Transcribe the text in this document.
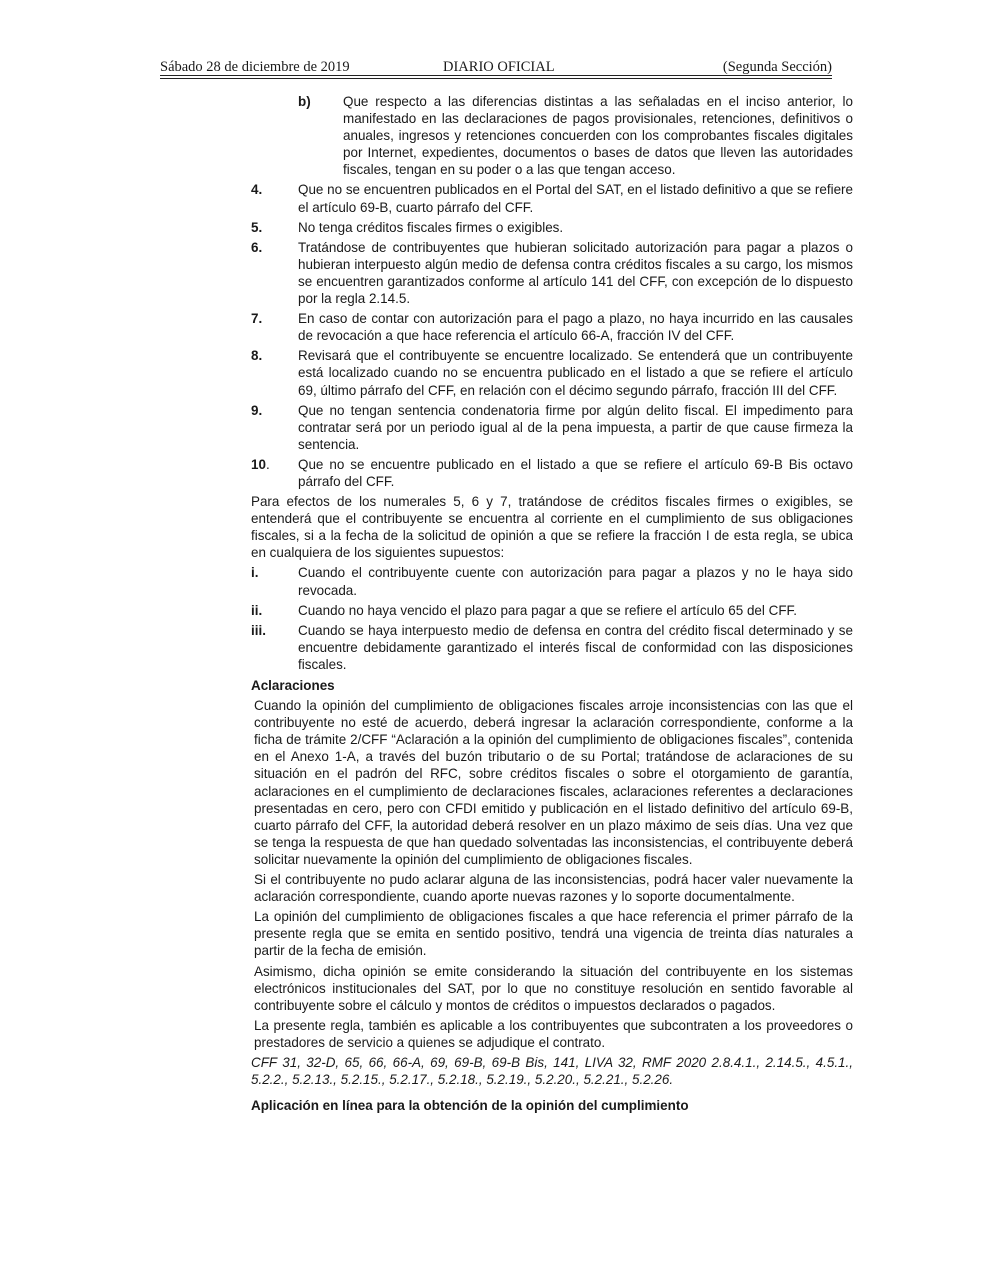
Sábado 28 de diciembre de 2019	DIARIO OFICIAL	(Segunda Sección)
b)	Que respecto a las diferencias distintas a las señaladas en el inciso anterior, lo manifestado en las declaraciones de pagos provisionales, retenciones, definitivos o anuales, ingresos y retenciones concuerden con los comprobantes fiscales digitales por Internet, expedientes, documentos o bases de datos que lleven las autoridades fiscales, tengan en su poder o a las que tengan acceso.
4.	Que no se encuentren publicados en el Portal del SAT, en el listado definitivo a que se refiere el artículo 69-B, cuarto párrafo del CFF.
5.	No tenga créditos fiscales firmes o exigibles.
6.	Tratándose de contribuyentes que hubieran solicitado autorización para pagar a plazos o hubieran interpuesto algún medio de defensa contra créditos fiscales a su cargo, los mismos se encuentren garantizados conforme al artículo 141 del CFF, con excepción de lo dispuesto por la regla 2.14.5.
7.	En caso de contar con autorización para el pago a plazo, no haya incurrido en las causales de revocación a que hace referencia el artículo 66-A, fracción IV del CFF.
8.	Revisará que el contribuyente se encuentre localizado. Se entenderá que un contribuyente está localizado cuando no se encuentra publicado en el listado a que se refiere el artículo 69, último párrafo del CFF, en relación con el décimo segundo párrafo, fracción III del CFF.
9.	Que no tengan sentencia condenatoria firme por algún delito fiscal. El impedimento para contratar será por un periodo igual al de la pena impuesta, a partir de que cause firmeza la sentencia.
10.	Que no se encuentre publicado en el listado a que se refiere el artículo 69-B Bis octavo párrafo del CFF.

Para efectos de los numerales 5, 6 y 7, tratándose de créditos fiscales firmes o exigibles, se entenderá que el contribuyente se encuentra al corriente en el cumplimiento de sus obligaciones fiscales, si a la fecha de la solicitud de opinión a que se refiere la fracción I de esta regla, se ubica en cualquiera de los siguientes supuestos:

i.	Cuando el contribuyente cuente con autorización para pagar a plazos y no le haya sido revocada.
ii.	Cuando no haya vencido el plazo para pagar a que se refiere el artículo 65 del CFF.
iii.	Cuando se haya interpuesto medio de defensa en contra del crédito fiscal determinado y se encuentre debidamente garantizado el interés fiscal de conformidad con las disposiciones fiscales.
Aclaraciones

Cuando la opinión del cumplimiento de obligaciones fiscales arroje inconsistencias con las que el contribuyente no esté de acuerdo, deberá ingresar la aclaración correspondiente, conforme a la ficha de trámite 2/CFF “Aclaración a la opinión del cumplimiento de obligaciones fiscales”, contenida en el Anexo 1-A, a través del buzón tributario o de su Portal; tratándose de aclaraciones de su situación en el padrón del RFC, sobre créditos fiscales o sobre el otorgamiento de garantía, aclaraciones en el cumplimiento de declaraciones fiscales, aclaraciones referentes a declaraciones presentadas en cero, pero con CFDI emitido y publicación en el listado definitivo del artículo 69-B, cuarto párrafo del CFF, la autoridad deberá resolver en un plazo máximo de seis días. Una vez que se tenga la respuesta de que han quedado solventadas las inconsistencias, el contribuyente deberá solicitar nuevamente la opinión del cumplimiento de obligaciones fiscales.

Si el contribuyente no pudo aclarar alguna de las inconsistencias, podrá hacer valer nuevamente la aclaración correspondiente, cuando aporte nuevas razones y lo soporte documentalmente.

La opinión del cumplimiento de obligaciones fiscales a que hace referencia el primer párrafo de la presente regla que se emita en sentido positivo, tendrá una vigencia de treinta días naturales a partir de la fecha de emisión.

Asimismo, dicha opinión se emite considerando la situación del contribuyente en los sistemas electrónicos institucionales del SAT, por lo que no constituye resolución en sentido favorable al contribuyente sobre el cálculo y montos de créditos o impuestos declarados o pagados.

La presente regla, también es aplicable a los contribuyentes que subcontraten a los proveedores o prestadores de servicio a quienes se adjudique el contrato.

CFF 31, 32-D, 65, 66, 66-A, 69, 69-B, 69-B Bis, 141, LIVA 32, RMF 2020 2.8.4.1., 2.14.5., 4.5.1., 5.2.2., 5.2.13., 5.2.15., 5.2.17., 5.2.18., 5.2.19., 5.2.20., 5.2.21., 5.2.26.

Aplicación en línea para la obtención de la opinión del cumplimiento
